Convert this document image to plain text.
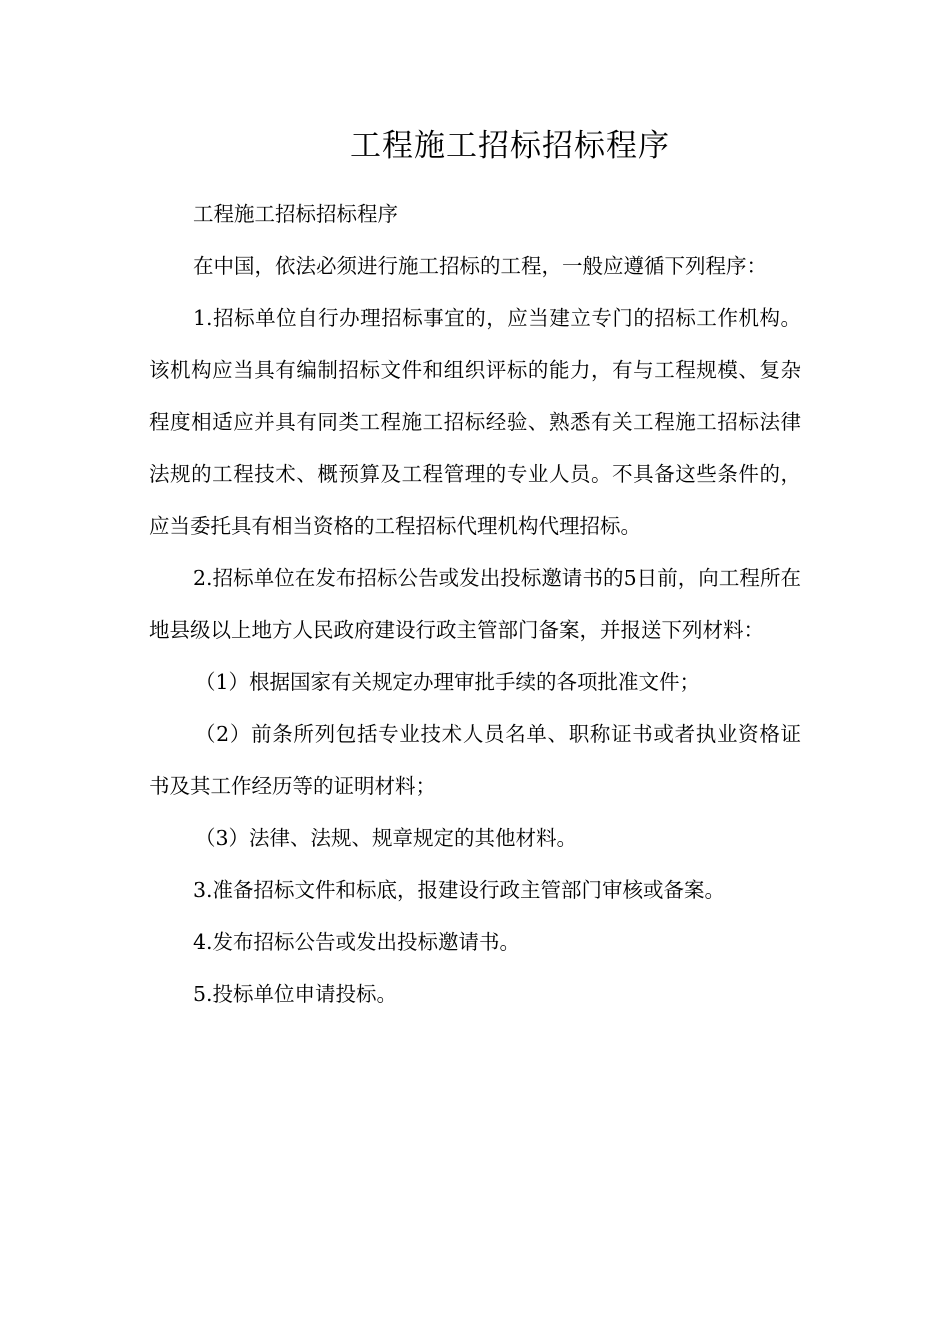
工程施工招标招标程序

工程施工招标招标程序

在中国，依法必须进行施工招标的工程，一般应遵循下列程序：

1.招标单位自行办理招标事宜的，应当建立专门的招标工作机构。该机构应当具有编制招标文件和组织评标的能力，有与工程规模、复杂程度相适应并具有同类工程施工招标经验、熟悉有关工程施工招标法律法规的工程技术、概预算及工程管理的专业人员。不具备这些条件的，应当委托具有相当资格的工程招标代理机构代理招标。

2.招标单位在发布招标公告或发出投标邀请书的5日前，向工程所在地县级以上地方人民政府建设行政主管部门备案，并报送下列材料：

（1）根据国家有关规定办理审批手续的各项批准文件；

（2）前条所列包括专业技术人员名单、职称证书或者执业资格证书及其工作经历等的证明材料；

（3）法律、法规、规章规定的其他材料。

3.准备招标文件和标底，报建设行政主管部门审核或备案。

4.发布招标公告或发出投标邀请书。

5.投标单位申请投标。
